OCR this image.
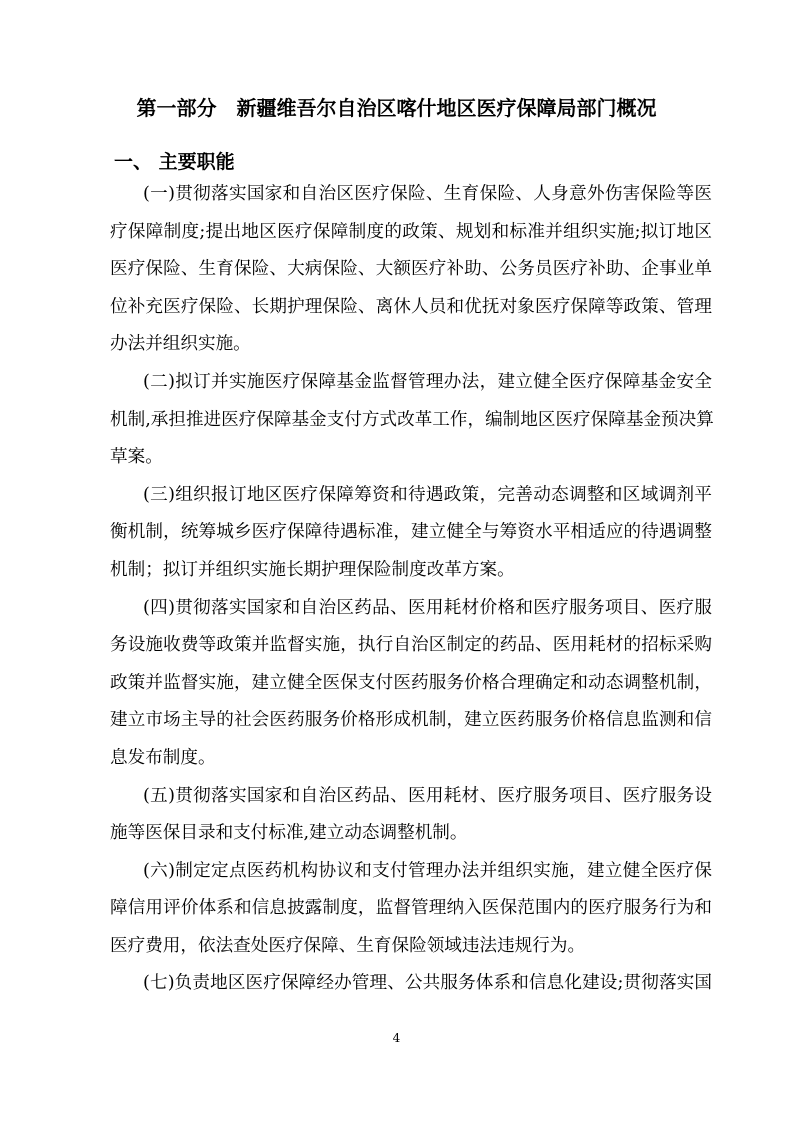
第一部分　新疆维吾尔自治区喀什地区医疗保障局部门概况
一、 主要职能
(一)贯彻落实国家和自治区医疗保险、生育保险、人身意外伤害保险等医
疗保障制度;提出地区医疗保障制度的政策、规划和标准并组织实施;拟订地区
医疗保险、生育保险、大病保险、大额医疗补助、公务员医疗补助、企事业单
位补充医疗保险、长期护理保险、离休人员和优抚对象医疗保障等政策、管理
办法并组织实施。
(二)拟订并实施医疗保障基金监督管理办法，建立健全医疗保障基金安全
机制,承担推进医疗保障基金支付方式改革工作，编制地区医疗保障基金预决算
草案。
(三)组织报订地区医疗保障筹资和待遇政策，完善动态调整和区域调剂平
衡机制，统筹城乡医疗保障待遇标准，建立健全与筹资水平相适应的待遇调整
机制；拟订并组织实施长期护理保险制度改革方案。
(四)贯彻落实国家和自治区药品、医用耗材价格和医疗服务项目、医疗服
务设施收费等政策并监督实施，执行自治区制定的药品、医用耗材的招标采购
政策并监督实施，建立健全医保支付医药服务价格合理确定和动态调整机制，
建立市场主导的社会医药服务价格形成机制，建立医药服务价格信息监测和信
息发布制度。
(五)贯彻落实国家和自治区药品、医用耗材、医疗服务项目、医疗服务设
施等医保目录和支付标准,建立动态调整机制。
(六)制定定点医药机构协议和支付管理办法并组织实施，建立健全医疗保
障信用评价体系和信息披露制度，监督管理纳入医保范围内的医疗服务行为和
医疗费用，依法查处医疗保障、生育保险领域违法违规行为。
(七)负责地区医疗保障经办管理、公共服务体系和信息化建设;贯彻落实国
4
